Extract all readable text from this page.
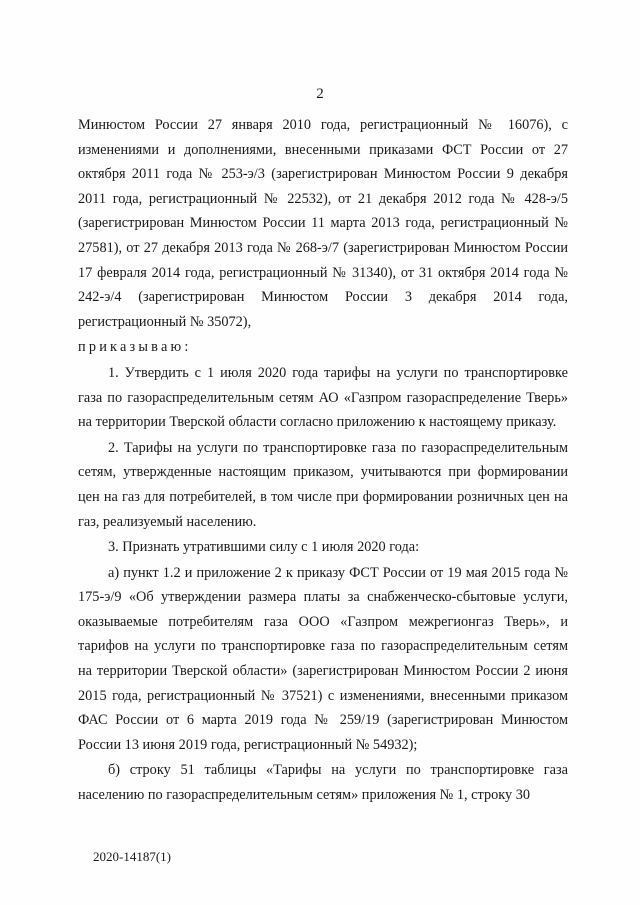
2

Минюстом России 27 января 2010 года, регистрационный № 16076), с изменениями и дополнениями, внесенными приказами ФСТ России от 27 октября 2011 года № 253-э/3 (зарегистрирован Минюстом России 9 декабря 2011 года, регистрационный № 22532), от 21 декабря 2012 года № 428-э/5 (зарегистрирован Минюстом России 11 марта 2013 года, регистрационный № 27581), от 27 декабря 2013 года № 268-э/7 (зарегистрирован Минюстом России 17 февраля 2014 года, регистрационный № 31340), от 31 октября 2014 года № 242-э/4 (зарегистрирован Минюстом России 3 декабря 2014 года, регистрационный № 35072),

приказываю:

1. Утвердить с 1 июля 2020 года тарифы на услуги по транспортировке газа по газораспределительным сетям АО «Газпром газораспределение Тверь» на территории Тверской области согласно приложению к настоящему приказу.

2. Тарифы на услуги по транспортировке газа по газораспределительным сетям, утвержденные настоящим приказом, учитываются при формировании цен на газ для потребителей, в том числе при формировании розничных цен на газ, реализуемый населению.

3. Признать утратившими силу с 1 июля 2020 года:

а) пункт 1.2 и приложение 2 к приказу ФСТ России от 19 мая 2015 года № 175-э/9 «Об утверждении размера платы за снабженческо-сбытовые услуги, оказываемые потребителям газа ООО «Газпром межрегионгаз Тверь», и тарифов на услуги по транспортировке газа по газораспределительным сетям на территории Тверской области» (зарегистрирован Минюстом России 2 июня 2015 года, регистрационный № 37521) с изменениями, внесенными приказом ФАС России от 6 марта 2019 года № 259/19 (зарегистрирован Минюстом России 13 июня 2019 года, регистрационный № 54932);

б) строку 51 таблицы «Тарифы на услуги по транспортировке газа населению по газораспределительным сетям» приложения № 1, строку 30

2020-14187(1)
